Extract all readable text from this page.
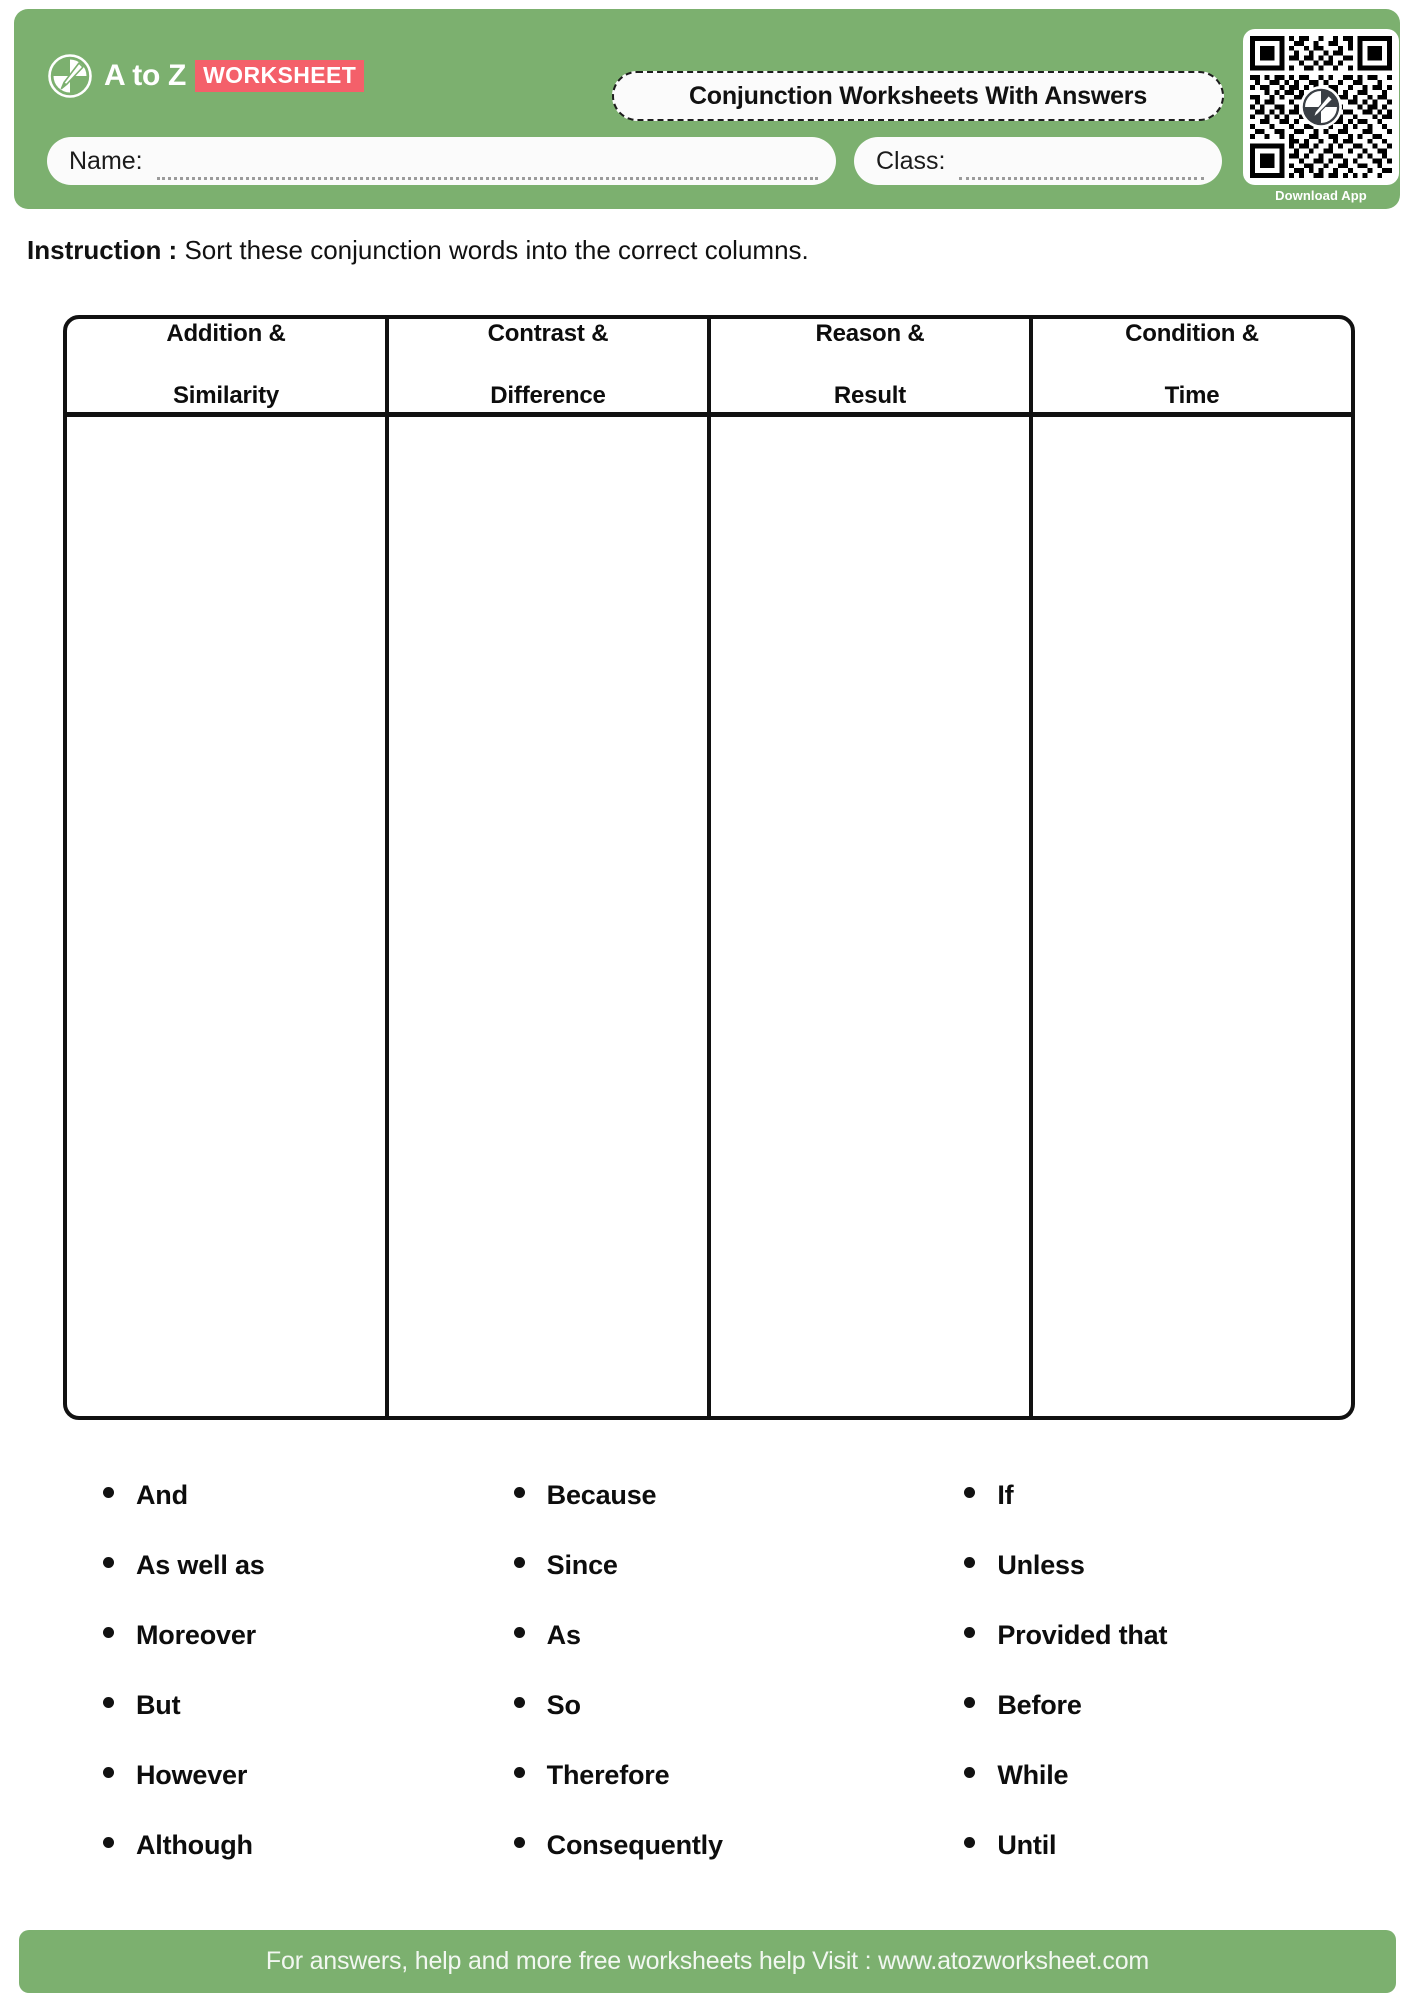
A to Z WORKSHEET
Conjunction Worksheets With Answers
Name:	Class:
Download App
Instruction : Sort these conjunction words into the correct columns.
Addition &

Similarity
Contrast &

Difference
Reason &

Result
Condition &

Time
And
As well as
Moreover
But
However
Although
Because
Since
As
So
Therefore
Consequently
If
Unless
Provided that
Before
While
Until
For answers, help and more free worksheets help Visit : www.atozworksheet.com
